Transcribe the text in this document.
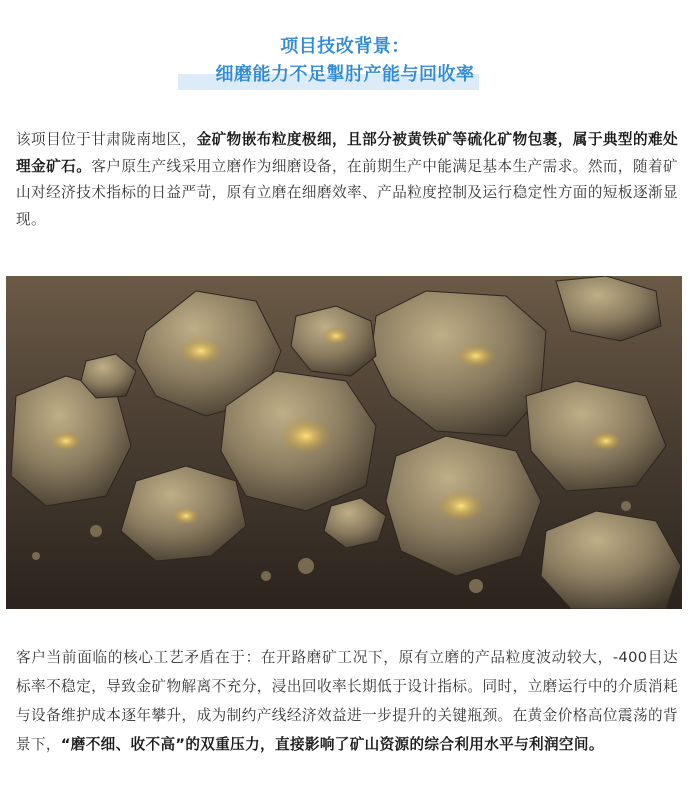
项目技改背景：

细磨能力不足掣肘产能与回收率

该项目位于甘肃陇南地区，金矿物嵌布粒度极细，且部分被黄铁矿等硫化矿物包裹，属于典型的难处理金矿石。客户原生产线采用立磨作为细磨设备，在前期生产中能满足基本生产需求。然而，随着矿山对经济技术指标的日益严苛，原有立磨在细磨效率、产品粒度控制及运行稳定性方面的短板逐渐显现。

客户当前面临的核心工艺矛盾在于：在开路磨矿工况下，原有立磨的产品粒度波动较大，-400目达标率不稳定，导致金矿物解离不充分，浸出回收率长期低于设计指标。同时，立磨运行中的介质消耗与设备维护成本逐年攀升，成为制约产线经济效益进一步提升的关键瓶颈。在黄金价格高位震荡的背景下，“磨不细、收不高”的双重压力，直接影响了矿山资源的综合利用水平与利润空间。
